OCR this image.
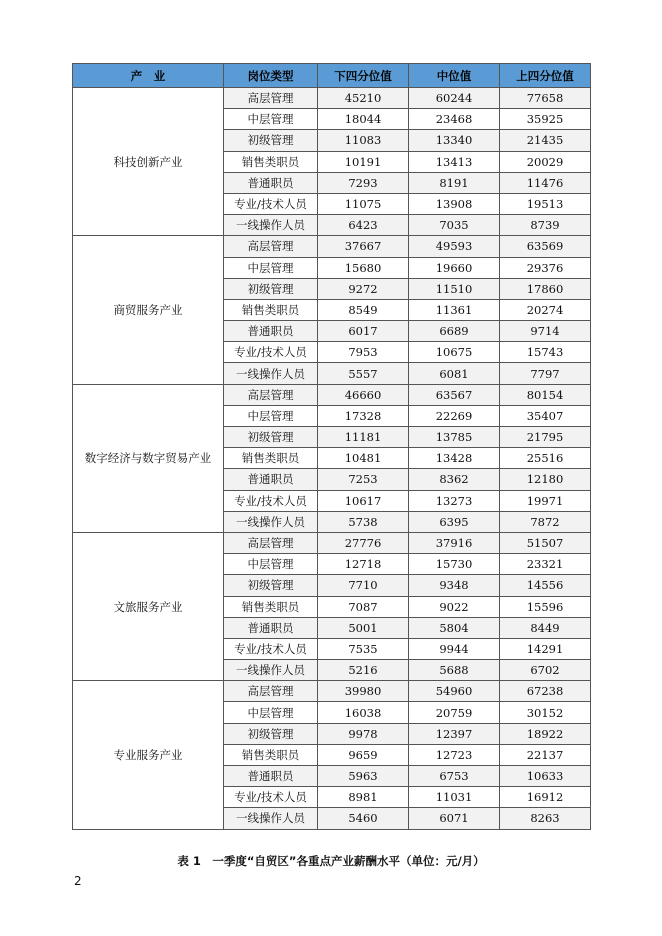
产　业	岗位类型	下四分位值	中位值	上四分位值
科技创新产业	高层管理	45210	60244	77658
	中层管理	18044	23468	35925
	初级管理	11083	13340	21435
	销售类职员	10191	13413	20029
	普通职员	7293	8191	11476
	专业/技术人员	11075	13908	19513
	一线操作人员	6423	7035	8739
商贸服务产业	高层管理	37667	49593	63569
	中层管理	15680	19660	29376
	初级管理	9272	11510	17860
	销售类职员	8549	11361	20274
	普通职员	6017	6689	9714
	专业/技术人员	7953	10675	15743
	一线操作人员	5557	6081	7797
数字经济与数字贸易产业	高层管理	46660	63567	80154
	中层管理	17328	22269	35407
	初级管理	11181	13785	21795
	销售类职员	10481	13428	25516
	普通职员	7253	8362	12180
	专业/技术人员	10617	13273	19971
	一线操作人员	5738	6395	7872
文旅服务产业	高层管理	27776	37916	51507
	中层管理	12718	15730	23321
	初级管理	7710	9348	14556
	销售类职员	7087	9022	15596
	普通职员	5001	5804	8449
	专业/技术人员	7535	9944	14291
	一线操作人员	5216	5688	6702
专业服务产业	高层管理	39980	54960	67238
	中层管理	16038	20759	30152
	初级管理	9978	12397	18922
	销售类职员	9659	12723	22137
	普通职员	5963	6753	10633
	专业/技术人员	8981	11031	16912
	一线操作人员	5460	6071	8263
表 1　一季度“自贸区”各重点产业薪酬水平（单位：元/月）
2
